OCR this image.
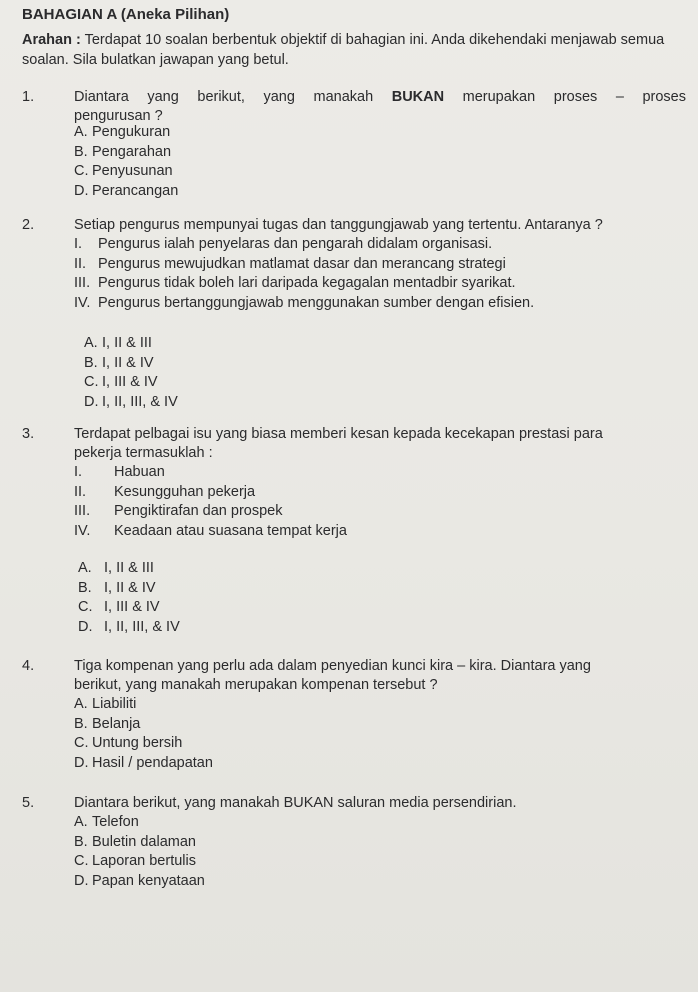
BAHAGIAN A (Aneka Pilihan)
Arahan : Terdapat 10 soalan berbentuk objektif di bahagian ini. Anda dikehendaki menjawab semua soalan. Sila bulatkan jawapan yang betul.
1.	Diantara yang berikut, yang manakah BUKAN merupakan proses – proses
pengurusan ?
A. Pengukuran
B. Pengarahan
C. Penyusunan
D. Perancangan
2.	Setiap pengurus mempunyai tugas dan tanggungjawab yang tertentu. Antaranya ?
I. Pengurus ialah penyelaras dan pengarah didalam organisasi.
II. Pengurus mewujudkan matlamat dasar dan merancang strategi
III. Pengurus tidak boleh lari daripada kegagalan mentadbir syarikat.
IV. Pengurus bertanggungjawab menggunakan sumber dengan efisien.
A. I, II & III
B. I, II & IV
C. I, III & IV
D. I, II, III, & IV
3.	Terdapat pelbagai isu yang biasa memberi kesan kepada kecekapan prestasi para
pekerja termasuklah :
I. Habuan
II. Kesungguhan pekerja
III. Pengiktirafan dan prospek
IV. Keadaan atau suasana tempat kerja
A. I, II & III
B. I, II & IV
C. I, III & IV
D. I, II, III, & IV
4.	Tiga kompenan yang perlu ada dalam penyedian kunci kira – kira. Diantara yang
berikut, yang manakah merupakan kompenan tersebut ?
A. Liabiliti
B. Belanja
C. Untung bersih
D. Hasil / pendapatan
5.	Diantara berikut, yang manakah BUKAN saluran media persendirian.
A. Telefon
B. Buletin dalaman
C. Laporan bertulis
D. Papan kenyataan
